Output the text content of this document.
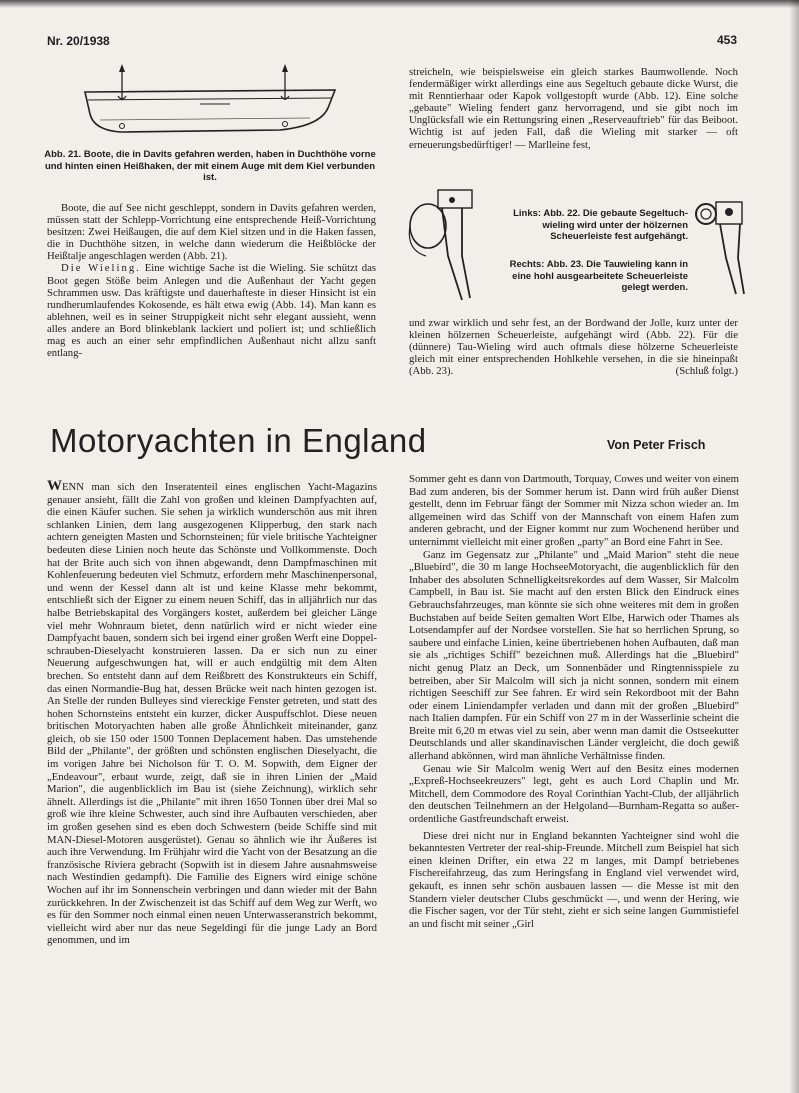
Nr. 20/1938	453
Abb. 21. Boote, die in Davits gefahren werden, haben in Duchthöhe vorne und hinten einen Heißhaken, der mit einem Auge mit dem Kiel verbunden ist.

Boote, die auf See nicht geschleppt, sondern in Davits gefahren werden, müssen statt der Schlepp-Vorrichtung eine entsprechende Heiß-Vorrichtung besitzen: Zwei Heißaugen, die auf dem Kiel sitzen und in die Haken fassen, die in Duchthöhe sitzen, in welche dann wiederum die Heißblöcke der Heißtalje angeschlagen werden (Abb. 21).

Die Wieling. Eine wichtige Sache ist die Wieling. Sie schützt das Boot gegen Stöße beim Anlegen und die Außenhaut der Yacht gegen Schrammen usw. Das kräftigste und dauerhafteste in dieser Hinsicht ist ein rundherumlaufendes Kokosende, es hält etwa ewig (Abb. 14). Man kann es ablehnen, weil es in seiner Struppigkeit nicht sehr elegant aussieht, wenn alles andere an Bord blinkeblank lackiert und poliert ist; und schließlich mag es auch an einer sehr empfindlichen Außenhaut nicht allzu sanft entlang-

streicheln, wie beispielsweise ein gleich starkes Baumwollende. Noch fendermäßiger wirkt allerdings eine aus Segeltuch gebaute dicke Wurst, die mit Renntierhaar oder Kapok vollgestopft wurde (Abb. 12). Eine solche „gebaute" Wieling fendert ganz hervorragend, und sie gibt noch im Unglücksfall wie ein Rettungsring einen „Reserveauftrieb" für das Beiboot. Wichtig ist auf jeden Fall, daß die Wieling mit starker — oft erneuerungsbedürftiger! — Marlleine fest,

Links: Abb. 22. Die gebaute Segeltuchwieling wird unter der hölzernen Scheuerleiste fest aufgehängt.
Rechts: Abb. 23. Die Tauwieling kann in eine hohl ausgearbeitete Scheuerleiste gelegt werden.

und zwar wirklich und sehr fest, an der Bordwand der Jolle, kurz unter der kleinen hölzernen Scheuerleiste, aufgehängt wird (Abb. 22). Für die (dünnere) Tau-Wieling wird auch oftmals diese hölzerne Scheuerleiste gleich mit einer entsprechenden Hohlkehle versehen, in die sie hineinpaßt (Abb. 23).	(Schluß folgt.)

Motoryachten in England	Von Peter Frisch

WENN man sich den Inseratenteil eines englischen Yacht-Magazins genauer ansieht, fällt die Zahl von großen und kleinen Dampfyachten auf, die einen Käufer suchen. Sie sehen ja wirklich wunderschön aus mit ihren schlanken Linien, dem lang ausgezogenen Klipperbug, den stark nach achtern geneigten Masten und Schornsteinen; für viele britische Yachteigner bedeuten diese Linien noch heute das Schönste und Vollkommenste. Doch hat der Brite auch sich von ihnen abgewandt, denn Dampfmaschinen mit Kohlenfeuerung bedeuten viel Schmutz, erfordern mehr Maschinenpersonal, und wenn der Kessel dann alt ist und keine Klasse mehr bekommt, entschließt sich der Eigner zu einem neuen Schiff, das in alljährlich nur das halbe Betriebskapital des Vorgängers kostet, außerdem bei gleicher Länge viel mehr Wohnraum bietet, denn natürlich wird er nicht wieder eine Dampfyacht bauen, sondern sich bei irgend einer großen Werft eine Doppelschrauben-Dieselyacht konstruieren lassen. Da er sich nun zu einer Neuerung aufgeschwungen hat, will er auch endgültig mit dem Alten brechen. So entsteht dann auf dem Reißbrett des Konstrukteurs ein Schiff, das einen Normandie-Bug hat, dessen Brücke weit nach hinten gezogen ist. An Stelle der runden Bulleyes sind viereckige Fenster getreten, und statt des hohen Schornsteins entsteht ein kurzer, dicker Auspuffschlot. Diese neuen britischen Motoryachten haben alle große Ähnlichkeit miteinander, ganz gleich, ob sie 150 oder 1500 Tonnen Deplacement haben. Das umstehende Bild der „Philante", der größten und schönsten englischen Dieselyacht, die im vorigen Jahre bei Nicholson für T. O. M. Sopwith, dem Eigner der „Endeavour", erbaut wurde, zeigt, daß sie in ihren Linien der „Maid Marion", die augenblicklich im Bau ist (siehe Zeichnung), wirklich sehr ähnelt. Allerdings ist die „Philante" mit ihren 1650 Tonnen über drei Mal so groß wie ihre kleine Schwester, auch sind ihre Aufbauten verschieden, aber im großen gesehen sind es eben doch Schwestern (beide Schiffe sind mit MAN-Diesel-Motoren ausgerüstet). Genau so ähnlich wie ihr Äußeres ist auch ihre Verwendung. Im Frühjahr wird die Yacht von der Besatzung an die französische Riviera gebracht (Sopwith ist in diesem Jahre ausnahmsweise nach Westindien gedampft). Die Familie des Eigners wird einige schöne Wochen auf ihr im Sonnenschein verbringen und dann wieder mit der Bahn zurückkehren. In der Zwischenzeit ist das Schiff auf dem Weg zur Werft, wo es für den Sommer noch einmal einen neuen Unterwasseranstrich bekommt, vielleicht wird aber nur das neue Segeldingi für die junge Lady an Bord genommen, und im

Sommer geht es dann von Dartmouth, Torquay, Cowes und weiter von einem Bad zum anderen, bis der Sommer herum ist. Dann wird früh außer Dienst gestellt, denn im Februar fängt der Sommer mit Nizza schon wieder an. Im allgemeinen wird das Schiff von der Mannschaft von einem Hafen zum anderen gebracht, und der Eigner kommt nur zum Wochenend herüber und unternimmt vielleicht mit einer großen „party" an Bord eine Fahrt in See.

Ganz im Gegensatz zur „Philante" und „Maid Marion" steht die neue „Bluebird", die 30 m lange HochseeMotoryacht, die augenblicklich für den Inhaber des absoluten Schnelligkeitsrekordes auf dem Wasser, Sir Malcolm Campbell, in Bau ist. Sie macht auf den ersten Blick den Eindruck eines Gebrauchsfahrzeuges, man könnte sie sich ohne weiteres mit dem in großen Buchstaben auf beide Seiten gemalten Wort Elbe, Harwich oder Thames als Lotsendampfer auf der Nordsee vorstellen. Sie hat so herrlichen Sprung, so saubere und einfache Linien, keine übertriebenen hohen Aufbauten, daß man sie als „richtiges Schiff" bezeichnen muß. Allerdings hat die „Bluebird" nicht genug Platz an Deck, um Sonnenbäder und Ringtennisspiele zu betreiben, aber Sir Malcolm will sich ja nicht sonnen, sondern mit einem richtigen Seeschiff zur See fahren. Er wird sein Rekordboot mit der Bahn oder einem Liniendampfer verladen und dann mit der großen „Bluebird" nach Italien dampfen. Für ein Schiff von 27 m in der Wasserlinie scheint die Breite mit 6,20 m etwas viel zu sein, aber wenn man damit die Ostseekutter Deutschlands und aller skandinavischen Länder vergleicht, die doch gewiß allerhand abkönnen, wird man ähnliche Verhältnisse finden.

Genau wie Sir Malcolm wenig Wert auf den Besitz eines modernen „Expreß-Hochseekreuzers" legt, geht es auch Lord Chaplin und Mr. Mitchell, dem Commodore des Royal Corinthian Yacht-Club, der alljährlich den deutschen Teilnehmern an der Helgoland—Burnham-Regatta so außerordentliche Gastfreundschaft erweist.

Diese drei nicht nur in England bekannten Yachteigner sind wohl die bekanntesten Vertreter der real-ship-Freunde. Mitchell zum Beispiel hat sich einen kleinen Drifter, ein etwa 22 m langes, mit Dampf betriebenes Fischereifahrzeug, das zum Heringsfang in England viel verwendet wird, gekauft, es innen sehr schön ausbauen lassen — die Messe ist mit den Standern vieler deutscher Clubs geschmückt —, und wenn der Hering, wie die Fischer sagen, vor der Tür steht, zieht er sich seine langen Gummistiefel an und fischt mit seiner „Girl
